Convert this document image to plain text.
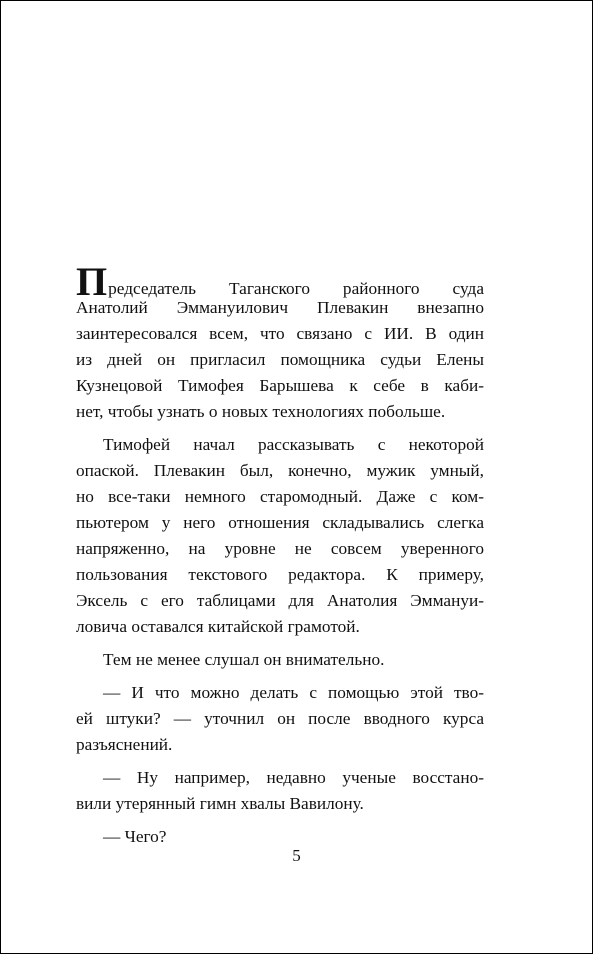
Председатель Таганского районного суда
Анатолий Эммануилович Плевакин внезапно
заинтересовался всем, что связано с ИИ. В один
из дней он пригласил помощника судьи Елены
Кузнецовой Тимофея Барышева к себе в каби-
нет, чтобы узнать о новых технологиях побольше.
Тимофей начал рассказывать с некоторой
опаской. Плевакин был, конечно, мужик умный,
но все-таки немного старомодный. Даже с ком-
пьютером у него отношения складывались слегка
напряженно, на уровне не совсем уверенного
пользования текстового редактора. К примеру,
Эксель с его таблицами для Анатолия Эммануи-
ловича оставался китайской грамотой.
Тем не менее слушал он внимательно.
— И что можно делать с помощью этой тво-
ей штуки? — уточнил он после вводного курса
разъяснений.
— Ну например, недавно ученые восстано-
вили утерянный гимн хвалы Вавилону.
— Чего?
5
